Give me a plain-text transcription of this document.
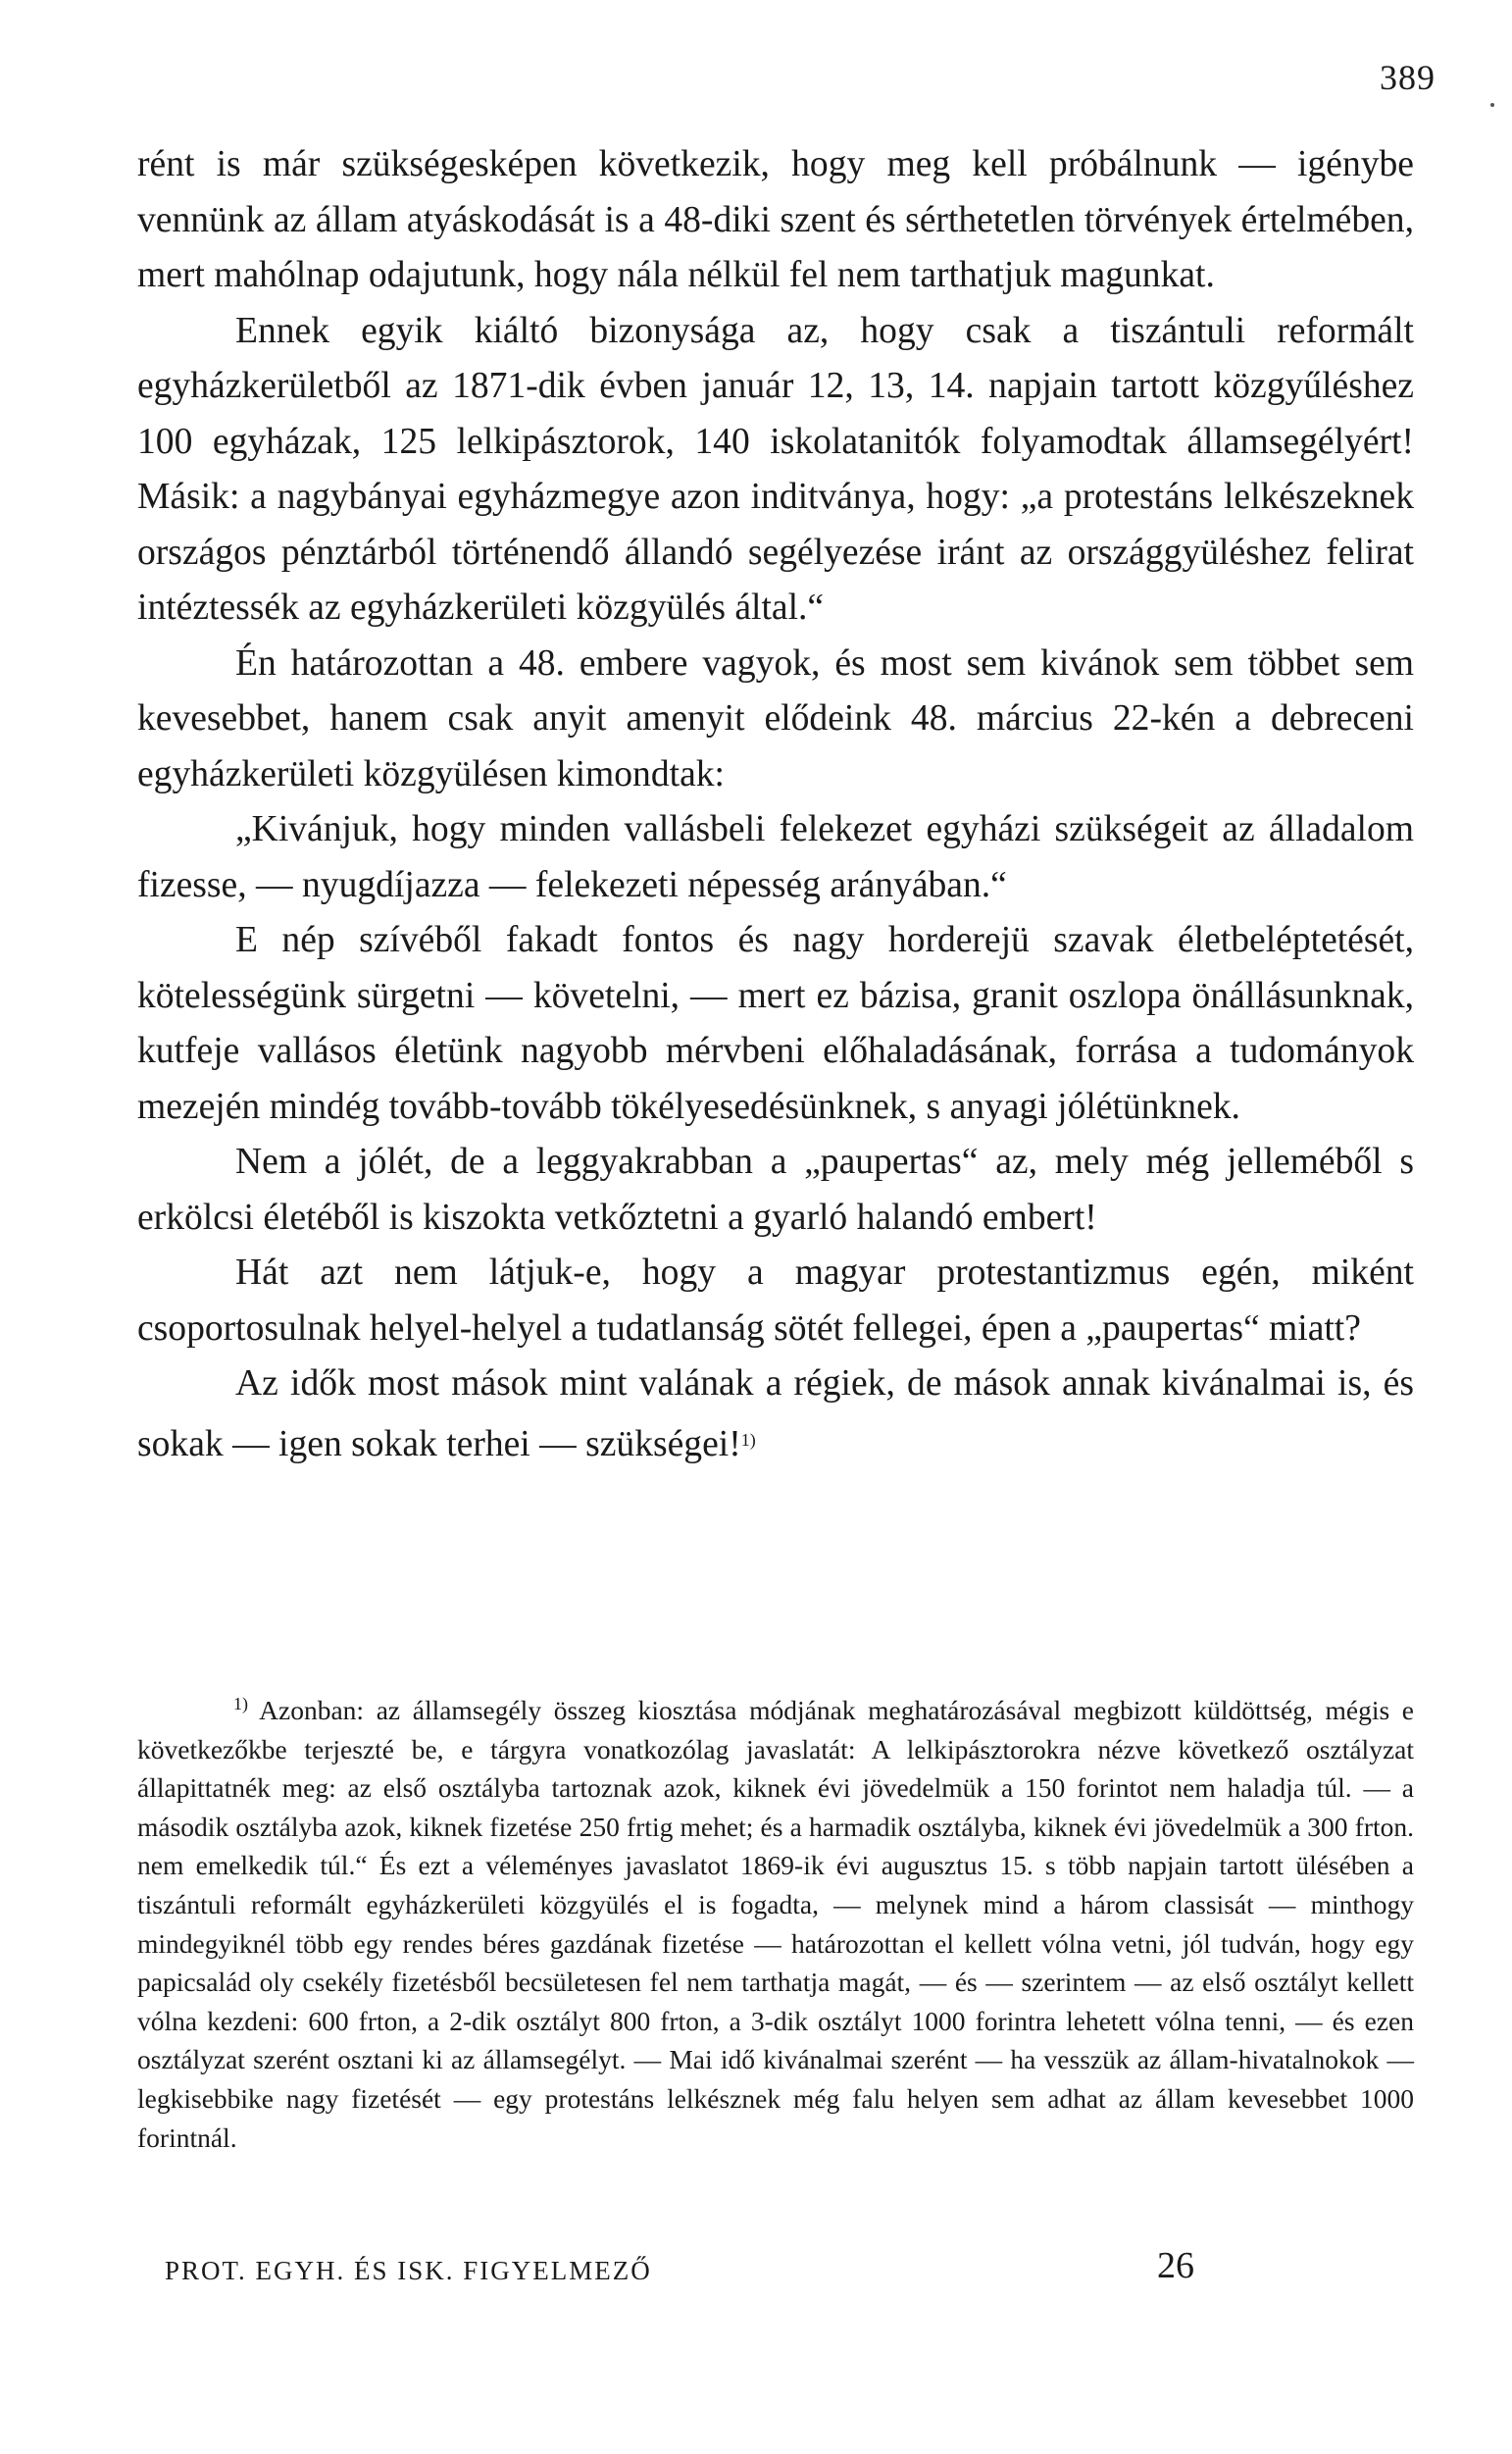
389

rént is már szükségesképen következik, hogy meg kell próbálnunk — igénybe vennünk az állam atyáskodását is a 48-diki szent és sérthetetlen törvények értelmében, mert mahólnap odajutunk, hogy nála nélkül fel nem tarthatjuk magunkat.

Ennek egyik kiáltó bizonysága az, hogy csak a tiszántuli reformált egyházkerületből az 1871-dik évben január 12, 13, 14. napjain tartott közgyűléshez 100 egyházak, 125 lelkipásztorok, 140 iskolatanitók folyamodtak államsegélyért! Másik: a nagybányai egyházmegye azon inditványa, hogy: „a protestáns lelkészeknek országos pénztárból történendő állandó segélyezése iránt az országgyüléshez felirat intéztessék az egyházkerületi közgyülés által.“

Én határozottan a 48. embere vagyok, és most sem kivánok sem többet sem kevesebbet, hanem csak anyit amenyit elődeink 48. március 22-kén a debreceni egyházkerületi közgyülésen kimondtak:

„Kivánjuk, hogy minden vallásbeli felekezet egyházi szükségeit az álladalom fizesse, — nyugdíjazza — felekezeti népesség arányában.“

E nép szívéből fakadt fontos és nagy horderejü szavak életbeléptetését, kötelességünk sürgetni — követelni, — mert ez bázisa, granit oszlopa önállásunknak, kutfeje vallásos életünk nagyobb mérvbeni előhaladásának, forrása a tudományok mezején mindég tovább-tovább tökélyesedésünknek, s anyagi jólétünknek.

Nem a jólét, de a leggyakrabban a „paupertas“ az, mely még jelleméből s erkölcsi életéből is kiszokta vetkőztetni a gyarló halandó embert!

Hát azt nem látjuk-e, hogy a magyar protestantizmus egén, miként csoportosulnak helyel-helyel a tudatlanság sötét fellegei, épen a „paupertas“ miatt?

Az idők most mások mint valának a régiek, de mások annak kivánalmai is, és sokak — igen sokak terhei — szükségei!$^{1)}$

$^{1)}$ Azonban: az államsegély összeg kiosztása módjának meghatározásával megbizott küldöttség, mégis e következőkbe terjeszté be, e tárgyra vonatkozólag javaslatát: A lelkipásztorokra nézve következő osztályzat állapittatnék meg: az első osztályba tartoznak azok, kiknek évi jövedelmük a 150 forintot nem haladja túl. — a második osztályba azok, kiknek fizetése 250 frtig mehet; és a harmadik osztályba, kiknek évi jövedelmük a 300 frton. nem emelkedik túl.“ És ezt a véleményes javaslatot 1869-ik évi augusztus 15. s több napjain tartott ülésében a tiszántuli reformált egyházkerületi közgyülés el is fogadta, — melynek mind a három classisát — minthogy mindegyiknél több egy rendes béres gazdának fizetése — határozottan el kellett vólna vetni, jól tudván, hogy egy papicsalád oly csekély fizetésből becsületesen fel nem tarthatja magát, — és — szerintem — az első osztályt kellett vólna kezdeni: 600 frton, a 2-dik osztályt 800 frton, a 3-dik osztályt 1000 forintra lehetett vólna tenni, — és ezen osztályzat szerént osztani ki az államsegélyt. — Mai idő kivánalmai szerént — ha vesszük az állam-hivatalnokok — legkisebbike nagy fizetését — egy protestáns lelkésznek még falu helyen sem adhat az állam kevesebbet 1000 forintnál.

PROT. EGYH. ÉS ISK. FIGYELMEZŐ	26
